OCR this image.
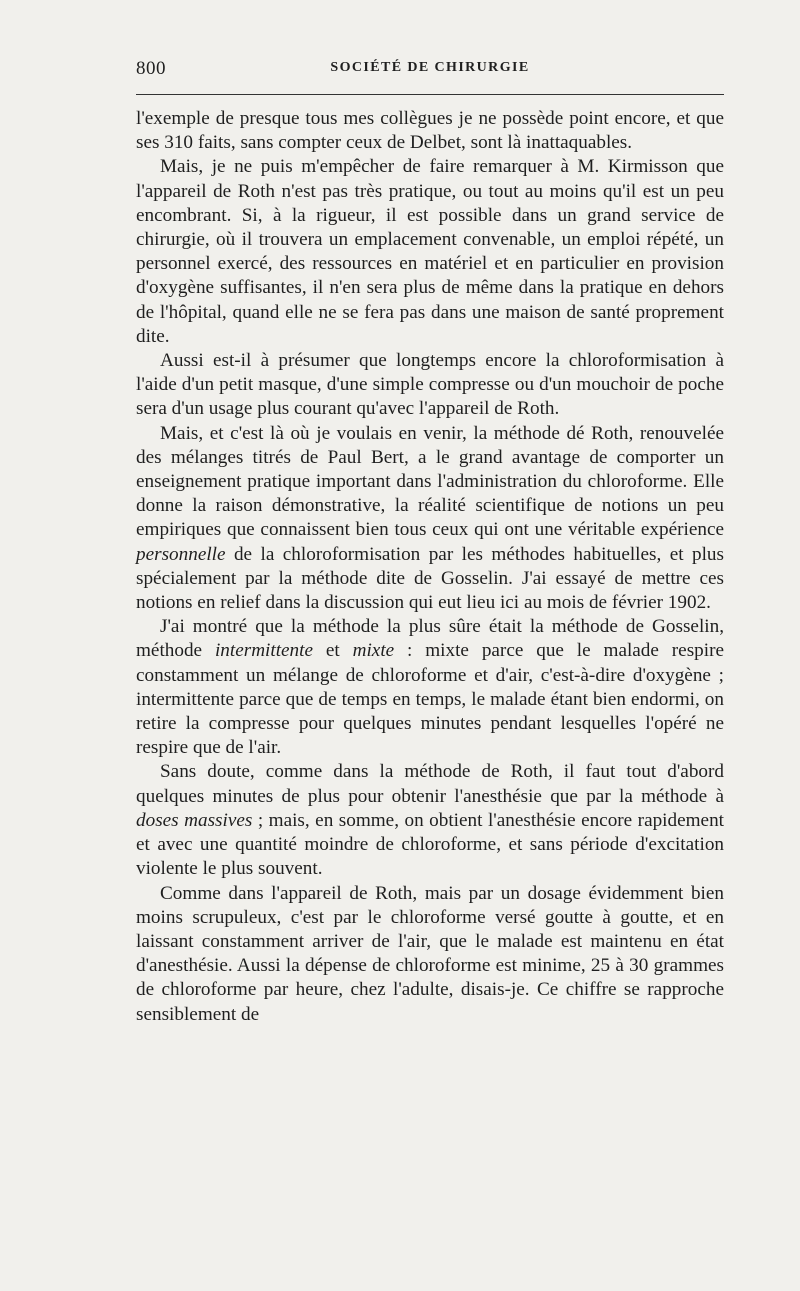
800	SOCIÉTÉ DE CHIRURGIE

l'exemple de presque tous mes collègues je ne possède point encore, et que ses 310 faits, sans compter ceux de Delbet, sont là inattaquables.

Mais, je ne puis m'empêcher de faire remarquer à M. Kirmisson que l'appareil de Roth n'est pas très pratique, ou tout au moins qu'il est un peu encombrant. Si, à la rigueur, il est possible dans un grand service de chirurgie, où il trouvera un emplacement convenable, un emploi répété, un personnel exercé, des ressources en matériel et en particulier en provision d'oxygène suffisantes, il n'en sera plus de même dans la pratique en dehors de l'hôpital, quand elle ne se fera pas dans une maison de santé proprement dite.

Aussi est-il à présumer que longtemps encore la chloroformisation à l'aide d'un petit masque, d'une simple compresse ou d'un mouchoir de poche sera d'un usage plus courant qu'avec l'appareil de Roth.

Mais, et c'est là où je voulais en venir, la méthode dé Roth, renouvelée des mélanges titrés de Paul Bert, a le grand avantage de comporter un enseignement pratique important dans l'administration du chloroforme. Elle donne la raison démonstrative, la réalité scientifique de notions un peu empiriques que connaissent bien tous ceux qui ont une véritable expérience personnelle de la chloroformisation par les méthodes habituelles, et plus spécialement par la méthode dite de Gosselin. J'ai essayé de mettre ces notions en relief dans la discussion qui eut lieu ici au mois de février 1902.

J'ai montré que la méthode la plus sûre était la méthode de Gosselin, méthode intermittente et mixte : mixte parce que le malade respire constamment un mélange de chloroforme et d'air, c'est-à-dire d'oxygène ; intermittente parce que de temps en temps, le malade étant bien endormi, on retire la compresse pour quelques minutes pendant lesquelles l'opéré ne respire que de l'air.

Sans doute, comme dans la méthode de Roth, il faut tout d'abord quelques minutes de plus pour obtenir l'anesthésie que par la méthode à doses massives ; mais, en somme, on obtient l'anesthésie encore rapidement et avec une quantité moindre de chloroforme, et sans période d'excitation violente le plus souvent.

Comme dans l'appareil de Roth, mais par un dosage évidemment bien moins scrupuleux, c'est par le chloroforme versé goutte à goutte, et en laissant constamment arriver de l'air, que le malade est maintenu en état d'anesthésie. Aussi la dépense de chloroforme est minime, 25 à 30 grammes de chloroforme par heure, chez l'adulte, disais-je. Ce chiffre se rapproche sensiblement de
